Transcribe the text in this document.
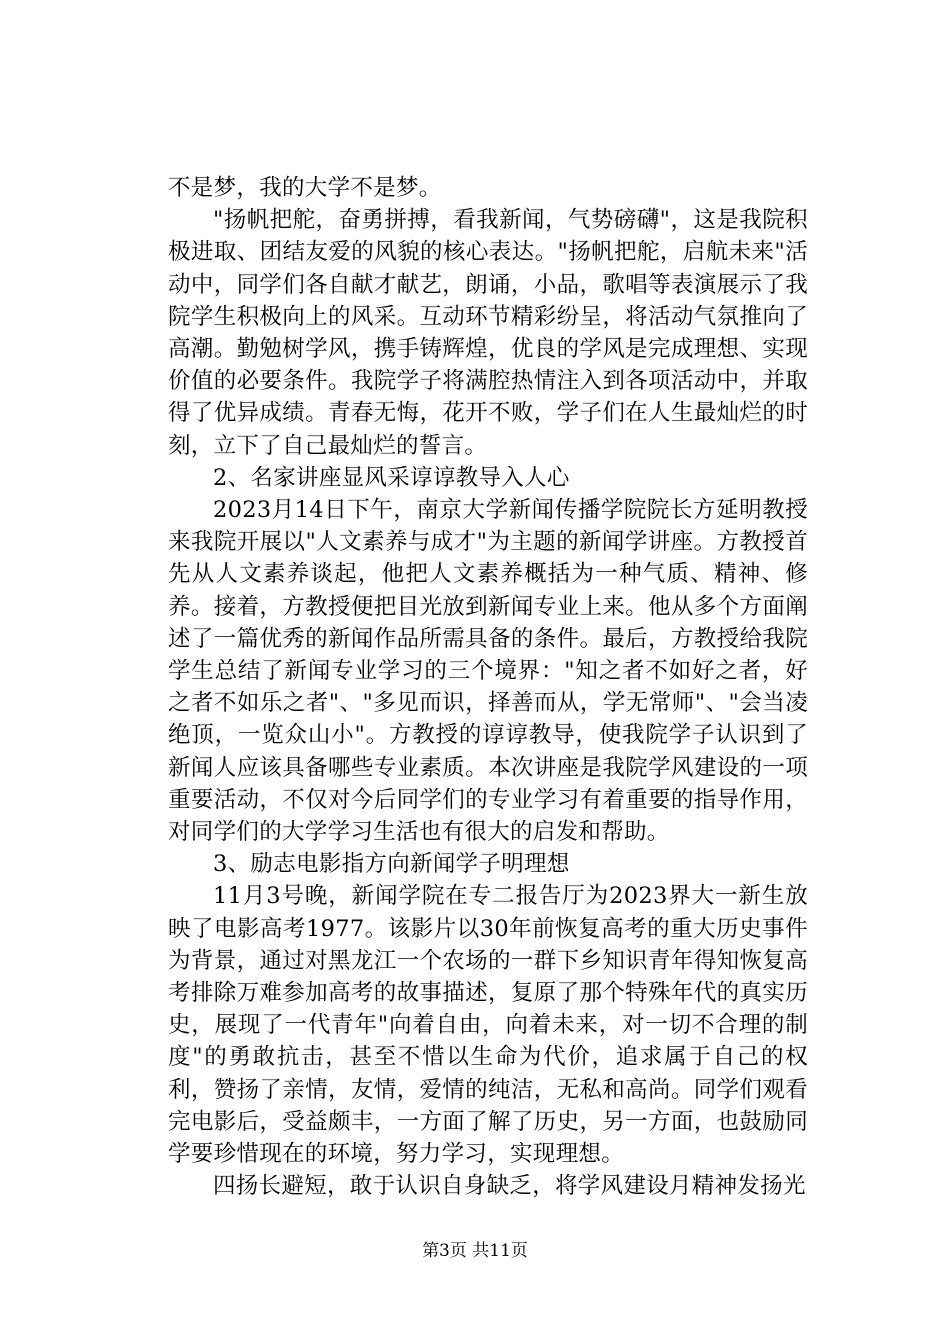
不是梦，我的大学不是梦。

"扬帆把舵，奋勇拼搏，看我新闻，气势磅礴"，这是我院积极进取、团结友爱的风貌的核心表达。"扬帆把舵，启航未来"活动中，同学们各自献才献艺，朗诵，小品，歌唱等表演展示了我院学生积极向上的风采。互动环节精彩纷呈，将活动气氛推向了高潮。勤勉树学风，携手铸辉煌，优良的学风是完成理想、实现价值的必要条件。我院学子将满腔热情注入到各项活动中，并取得了优异成绩。青春无悔，花开不败，学子们在人生最灿烂的时刻，立下了自己最灿烂的誓言。

2、名家讲座显风采谆谆教导入人心

2023月14日下午，南京大学新闻传播学院院长方延明教授来我院开展以"人文素养与成才"为主题的新闻学讲座。方教授首先从人文素养谈起，他把人文素养概括为一种气质、精神、修养。接着，方教授便把目光放到新闻专业上来。他从多个方面阐述了一篇优秀的新闻作品所需具备的条件。最后，方教授给我院学生总结了新闻专业学习的三个境界："知之者不如好之者，好之者不如乐之者"、"多见而识，择善而从，学无常师"、"会当凌绝顶，一览众山小"。方教授的谆谆教导，使我院学子认识到了新闻人应该具备哪些专业素质。本次讲座是我院学风建设的一项重要活动，不仅对今后同学们的专业学习有着重要的指导作用，对同学们的大学学习生活也有很大的启发和帮助。

3、励志电影指方向新闻学子明理想

11月3号晚，新闻学院在专二报告厅为2023界大一新生放映了电影高考1977。该影片以30年前恢复高考的重大历史事件为背景，通过对黑龙江一个农场的一群下乡知识青年得知恢复高考排除万难参加高考的故事描述，复原了那个特殊年代的真实历史，展现了一代青年"向着自由，向着未来，对一切不合理的制度"的勇敢抗击，甚至不惜以生命为代价，追求属于自己的权利，赞扬了亲情，友情，爱情的纯洁，无私和高尚。同学们观看完电影后，受益颇丰，一方面了解了历史，另一方面，也鼓励同学要珍惜现在的环境，努力学习，实现理想。

四扬长避短，敢于认识自身缺乏，将学风建设月精神发扬光

第3页 共11页
